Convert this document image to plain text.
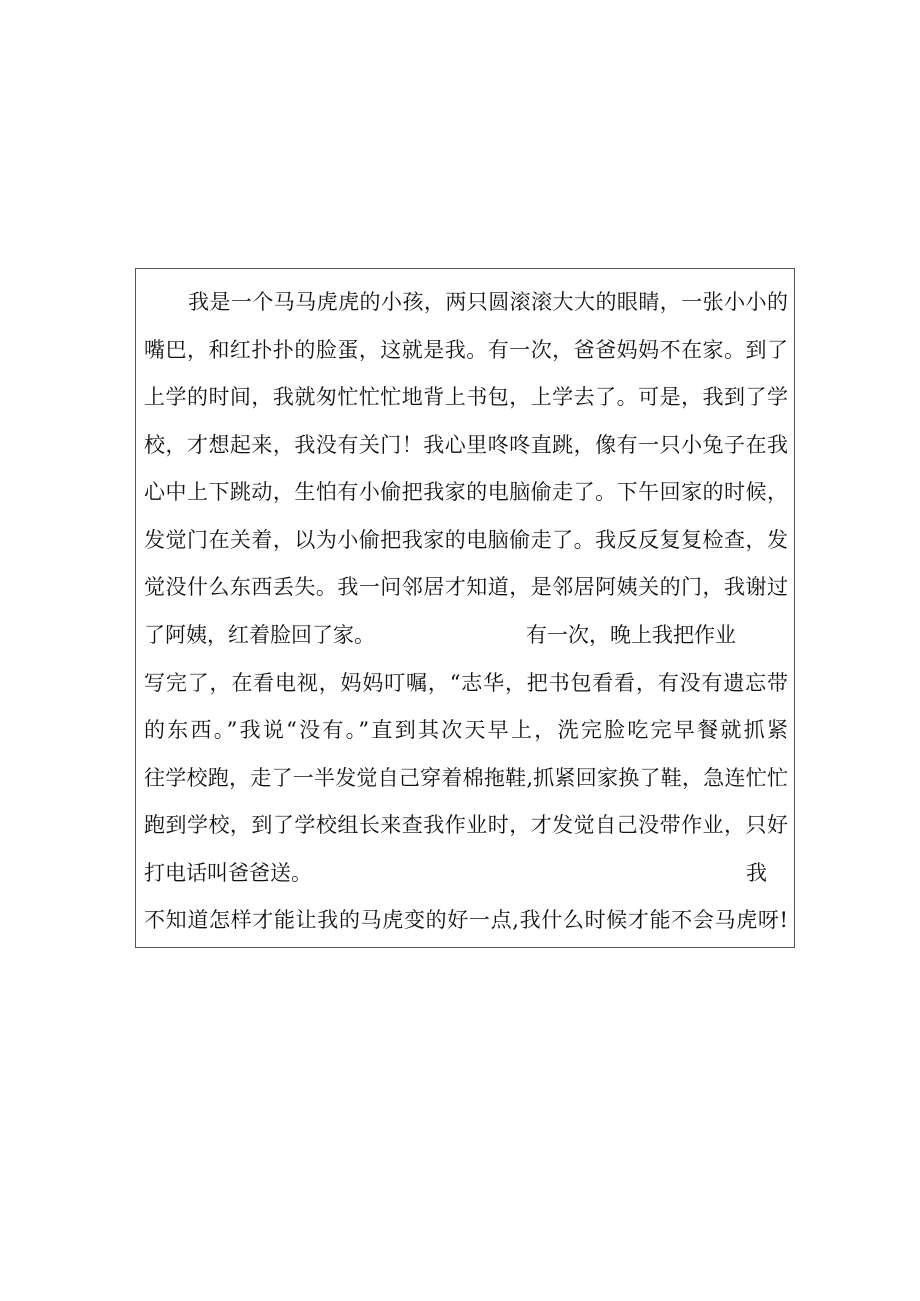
我是一个马马虎虎的小孩，两只圆滚滚大大的眼睛，一张小小的
嘴巴，和红扑扑的脸蛋，这就是我。有一次，爸爸妈妈不在家。到了
上学的时间，我就匆忙忙忙地背上书包，上学去了。可是，我到了学
校，才想起来，我没有关门！我心里咚咚直跳，像有一只小兔子在我
心中上下跳动，生怕有小偷把我家的电脑偷走了。下午回家的时候，
发觉门在关着，以为小偷把我家的电脑偷走了。我反反复复检查，发
觉没什么东西丢失。我一问邻居才知道，是邻居阿姨关的门，我谢过
了阿姨，红着脸回了家。	有一次，晚上我把作业
写完了，在看电视，妈妈叮嘱，“志华，把书包看看，有没有遗忘带
的东西。”我说“没有。”直到其次天早上，洗完脸吃完早餐就抓紧
往学校跑，走了一半发觉自己穿着棉拖鞋,抓紧回家换了鞋，急连忙忙
跑到学校，到了学校组长来查我作业时，才发觉自己没带作业，只好
打电话叫爸爸送。	我
不知道怎样才能让我的马虎变的好一点,我什么时候才能不会马虎呀!
